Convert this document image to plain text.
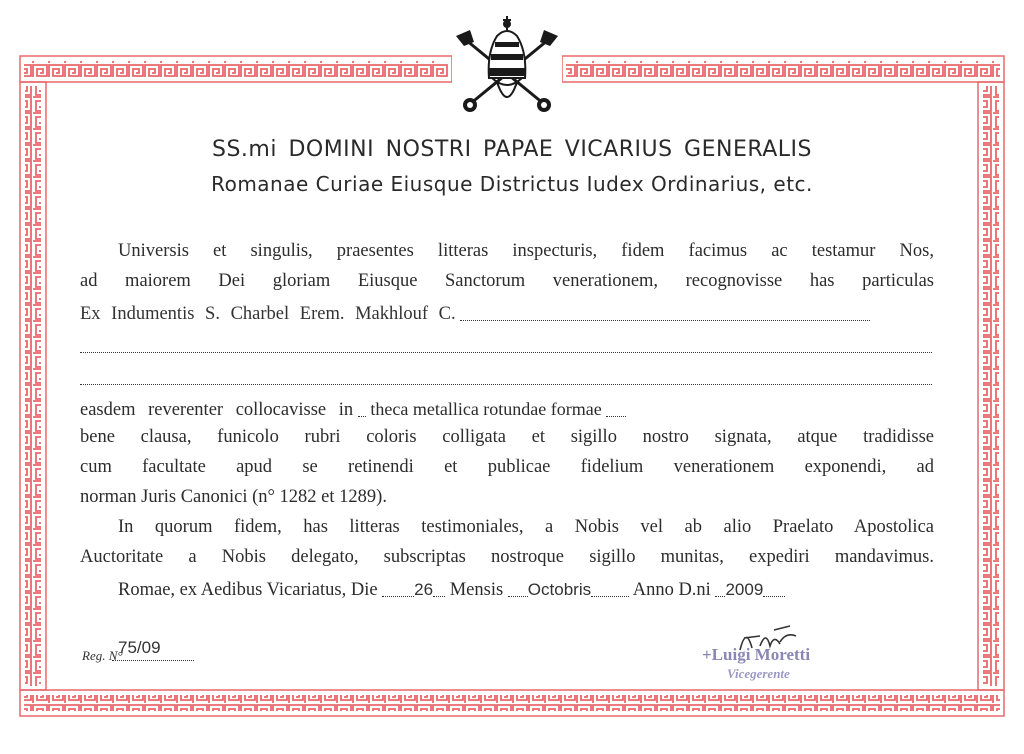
SS.mi DOMINI NOSTRI PAPAE VICARIUS GENERALIS
Romanae Curiae Eiusque Districtus Iudex Ordinarius, etc.
Universis et singulis, praesentes litteras inspecturis, fidem facimus ac testamur Nos,
ad maiorem Dei gloriam Eiusque Sanctorum venerationem, recognovisse has particulas
Ex Indumentis S. Charbel Erem. Makhlouf C.
easdem reverenter collocavisse in theca metallica rotundae formae
bene clausa, funicolo rubri coloris colligata et sigillo nostro signata, atque tradidisse
cum facultate apud se retinendi et publicae fidelium venerationem exponendi, ad
norman Juris Canonici (n° 1282 et 1289).
In quorum fidem, has litteras testimoniales, a Nobis vel ab alio Praelato Apostolica
Auctoritate a Nobis delegato, subscriptas nostroque sigillo munitas, expediri mandavimus.
Romae, ex Aedibus Vicariatus, Die 26 Mensis Octobris Anno D.ni 2009
Reg. N°
75/09	+Luigi Moretti
Vicegerente
